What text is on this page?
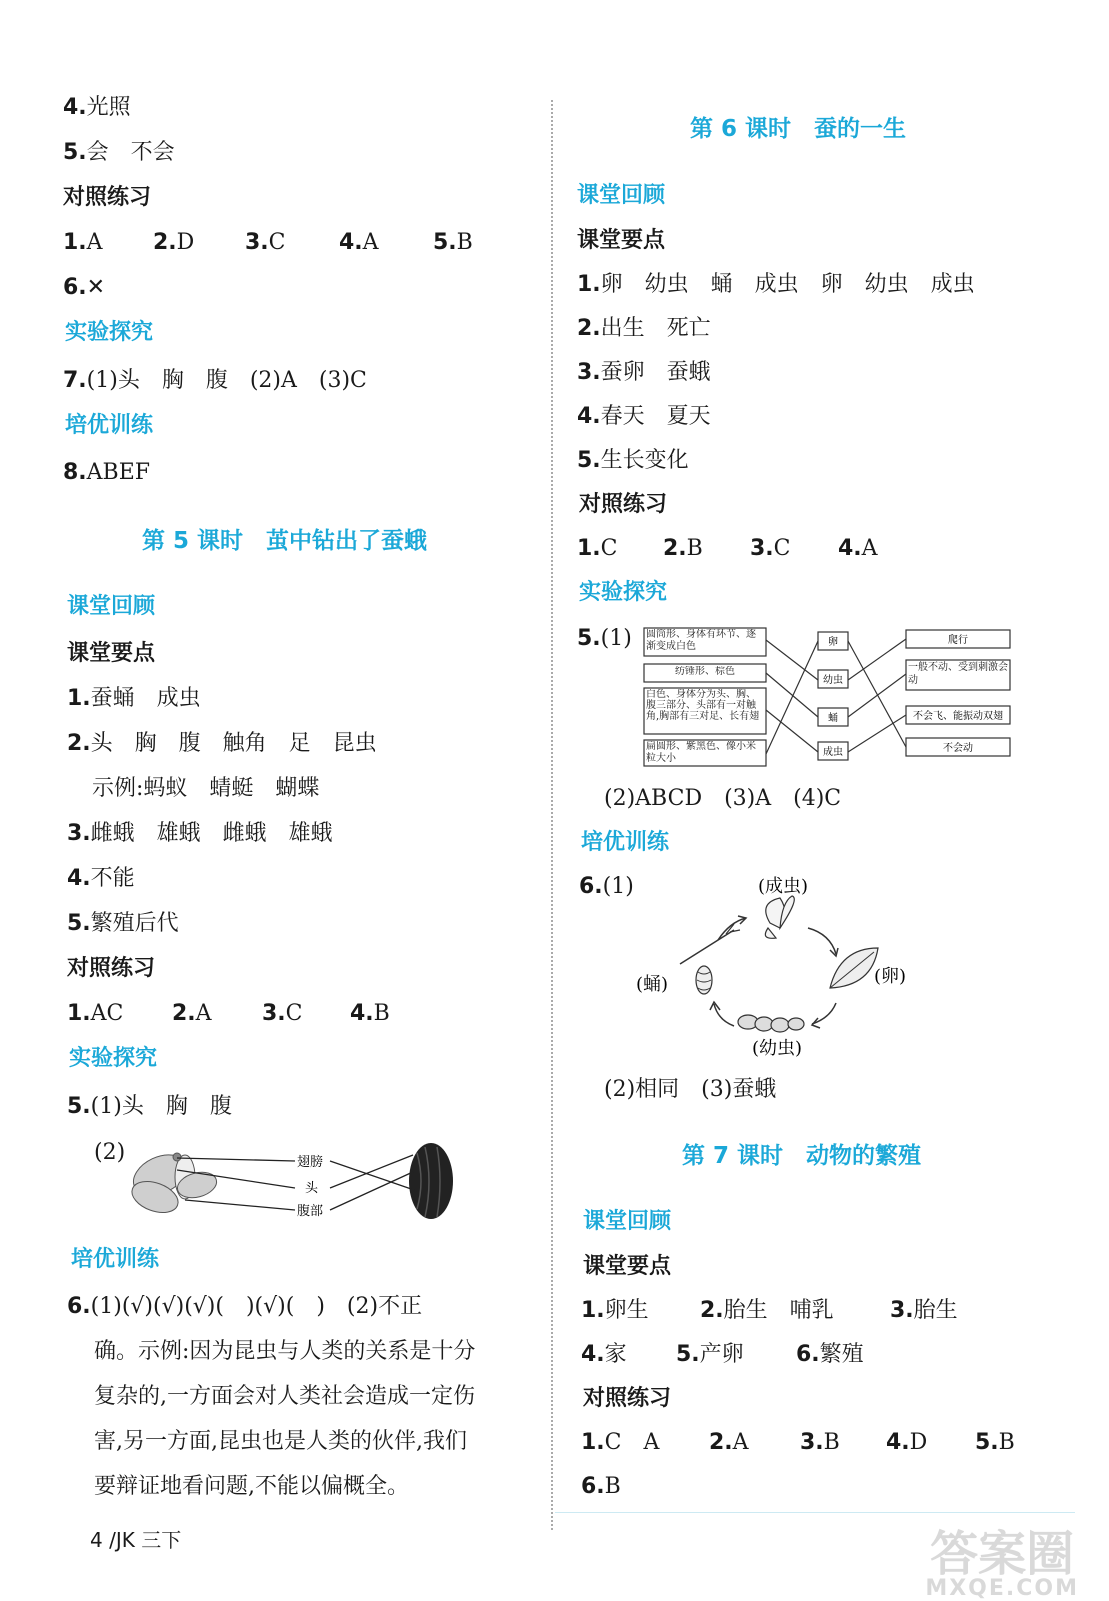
4.光照
5.会　不会
对照练习
1.A 2.D 3.C 4.A 5.B
6.✕
实验探究
7.(1)头　胸　腹　(2)A　(3)C
培优训练
8.ABEF
第 5 课时　茧中钻出了蚕蛾
课堂回顾
课堂要点
1.蚕蛹　成虫
2.头　胸　腹　触角　足　昆虫
示例:蚂蚁　蜻蜓　蝴蝶
3.雌蛾　雄蛾　雌蛾　雄蛾
4.不能
5.繁殖后代
对照练习
1.AC 2.A 3.C 4.B
实验探究
5.(1)头　胸　腹
(2)	翅膀
头
腹部
培优训练
6.(1)(√)(√)(√)(　)(√)(　)　(2)不正
确。示例:因为昆虫与人类的关系是十分
复杂的,一方面会对人类社会造成一定伤
害,另一方面,昆虫也是人类的伙伴,我们
要辩证地看问题,不能以偏概全。
第 6 课时　蚕的一生
课堂回顾
课堂要点
1.卵　幼虫　蛹　成虫　卵　幼虫　成虫
2.出生　死亡
3.蚕卵　蚕蛾
4.春天　夏天
5.生长变化
对照练习
1.C 2.B 3.C 4.A
实验探究
5.(1) 圆筒形、身体有环节、逐渐变成白色
纺锤形、棕色
白色、身体分为头、胸、腹三部分、头部有一对触角,胸部有三对足、长有翅
扁圆形、紫黑色、像小米粒大小
卵
幼虫
蛹
成虫
爬行
一般不动、受到刺激会动
不会飞、能振动双翅
不会动
(2)ABCD　(3)A　(4)C
培优训练
6.(1)	(成虫)
(卵)
(幼虫)
(蛹)
(2)相同　(3)蚕蛾
第 7 课时　动物的繁殖
课堂回顾
课堂要点
1.卵生 2.胎生　哺乳	3.胎生
4.家 5.产卵 6.繁殖
对照练习
1.C　A 2.A 3.B 4.D 5.B
6.B
4 /JK 三下	答案圈
MXQE.COM
